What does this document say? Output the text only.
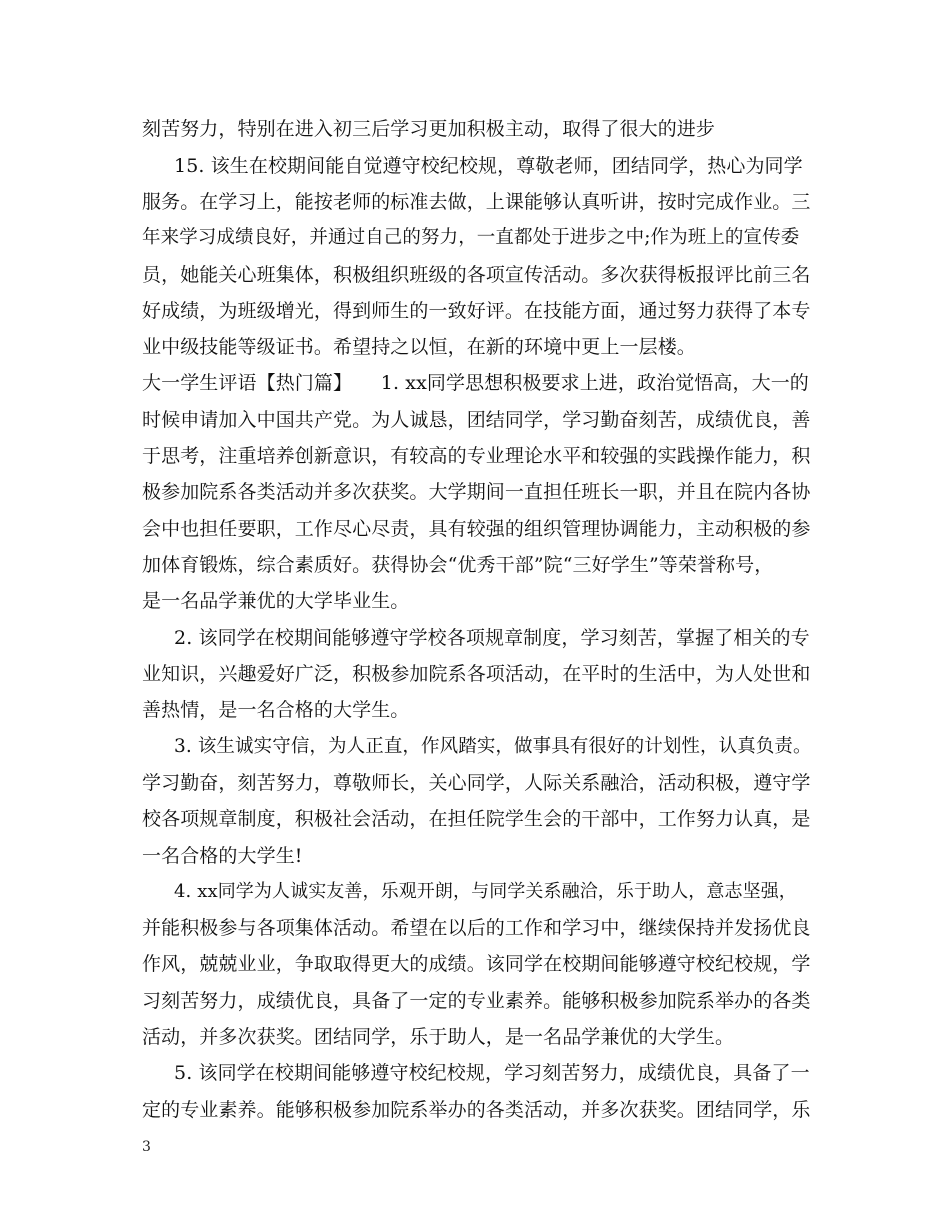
刻苦努力，特别在进入初三后学习更加积极主动，取得了很大的进步
15. 该生在校期间能自觉遵守校纪校规，尊敬老师，团结同学，热心为同学
服务。在学习上，能按老师的标准去做，上课能够认真听讲，按时完成作业。三
年来学习成绩良好，并通过自己的努力，一直都处于进步之中;作为班上的宣传委
员，她能关心班集体，积极组织班级的各项宣传活动。多次获得板报评比前三名
好成绩，为班级增光，得到师生的一致好评。在技能方面，通过努力获得了本专
业中级技能等级证书。希望持之以恒，在新的环境中更上一层楼。
大一学生评语【热门篇】　　1. xx同学思想积极要求上进，政治觉悟高，大一的
时候申请加入中国共产党。为人诚恳，团结同学，学习勤奋刻苦，成绩优良，善
于思考，注重培养创新意识，有较高的专业理论水平和较强的实践操作能力，积
极参加院系各类活动并多次获奖。大学期间一直担任班长一职，并且在院内各协
会中也担任要职，工作尽心尽责，具有较强的组织管理协调能力，主动积极的参
加体育锻炼，综合素质好。获得协会“优秀干部”院“三好学生”等荣誉称号，
是一名品学兼优的大学毕业生。
2. 该同学在校期间能够遵守学校各项规章制度，学习刻苦，掌握了相关的专
业知识，兴趣爱好广泛，积极参加院系各项活动，在平时的生活中，为人处世和
善热情，是一名合格的大学生。
3. 该生诚实守信，为人正直，作风踏实，做事具有很好的计划性，认真负责。
学习勤奋，刻苦努力，尊敬师长，关心同学，人际关系融洽，活动积极，遵守学
校各项规章制度，积极社会活动，在担任院学生会的干部中，工作努力认真，是
一名合格的大学生!
4. xx同学为人诚实友善，乐观开朗，与同学关系融洽，乐于助人，意志坚强，
并能积极参与各项集体活动。希望在以后的工作和学习中，继续保持并发扬优良
作风，兢兢业业，争取取得更大的成绩。该同学在校期间能够遵守校纪校规，学
习刻苦努力，成绩优良，具备了一定的专业素养。能够积极参加院系举办的各类
活动，并多次获奖。团结同学，乐于助人，是一名品学兼优的大学生。
5. 该同学在校期间能够遵守校纪校规，学习刻苦努力，成绩优良，具备了一
定的专业素养。能够积极参加院系举办的各类活动，并多次获奖。团结同学，乐
3
